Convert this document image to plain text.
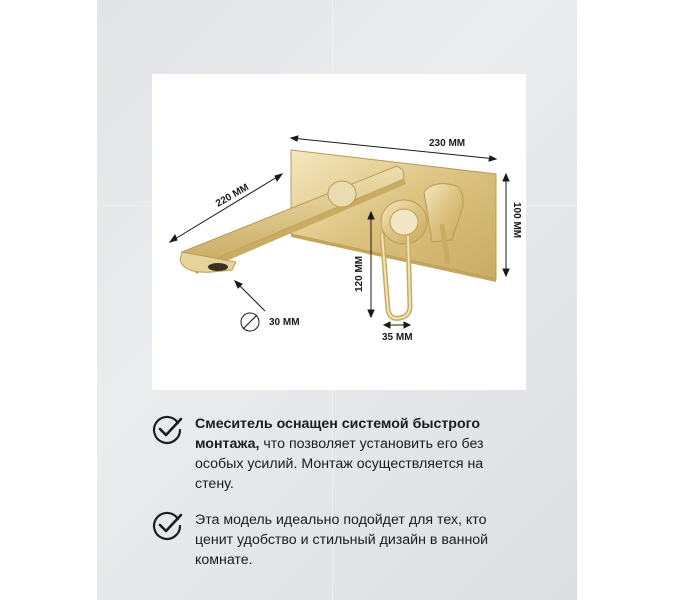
230 MM
100 MM
220 MM
120 MM
35 MM
30 MM
Смеситель оснащен системой быстрого монтажа, что позволяет установить его без особых усилий. Монтаж осуществляется на стену.
Эта модель идеально подойдет для тех, кто ценит удобство и стильный дизайн в ванной комнате.
